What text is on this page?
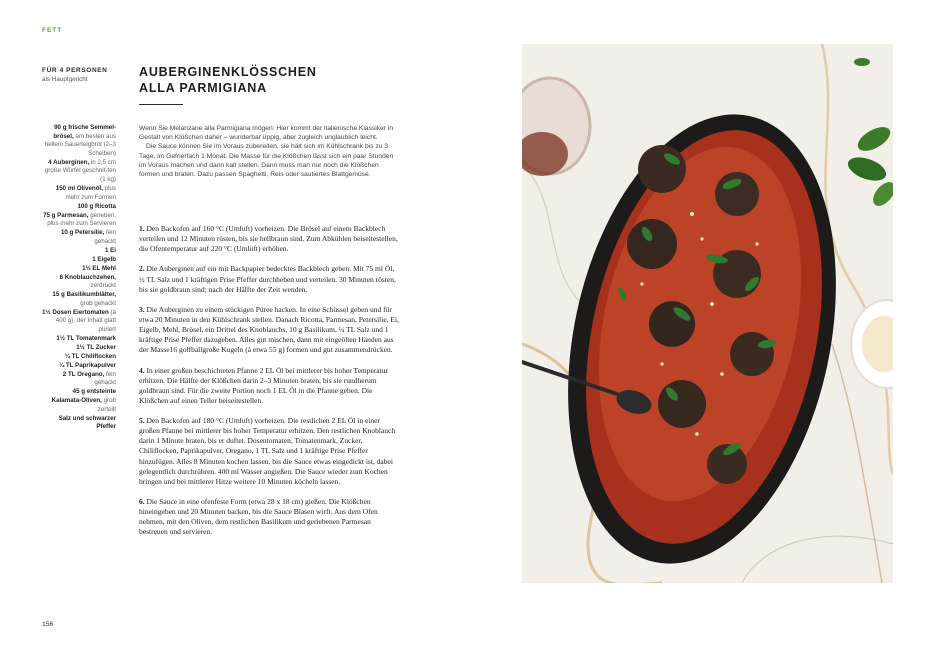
FETT
FÜR 4 PERSONEN
als Hauptgericht
AUBERGINENKLÖSSCHEN
ALLA PARMIGIANA
90 g frische Semmel-brösel, am besten aus hellem Sauerteigbrot (2–3 Scheiben)
4 Auberginen, in 2,5 cm große Würfel geschnit-ten (1 kg)
150 ml Olivenöl, plus mehr zum Formen
100 g Ricotta
75 g Parmesan, gerieben, plus mehr zum Servieren
10 g Petersilie, fein gehackt
1 Ei
1 Eigelb
1½ EL Mehl
6 Knoblauchzehen, zerdrückt
15 g Basilikumblätter, grob gehackt
1½ Dosen Eiertomaten (à 400 g), der Inhalt glatt püriert
1½ TL Tomatenmark
1½ TL Zucker
¼ TL Chiliflocken
¼ TL Paprikapulver
2 TL Oregano, fein gehackt
45 g entsteinte Kalamata-Oliven, grob zerteilt
Salz und schwarzer Pfeffer

Wenn Sie Melanzane alla Parmigiana mögen: Hier kommt der italienische Klassiker in Gestalt von Klößchen daher – wunderbar üppig, aber zugleich unglaublich leicht.

Die Sauce können Sie im Voraus zubereiten, sie hält sich im Kühlschrank bis zu 3 Tage, im Gefrierfach 1 Monat. Die Masse für die Klößchen lässt sich ein paar Stunden im Voraus machen und dann kalt stellen. Dann muss man nur noch die Klößchen formen und braten. Dazu passen Spaghetti, Reis oder sautiertes Blattgemüse.

1. Den Backofen auf 160 °C (Umluft) vorheizen. Die Brösel auf einem Backblech verteilen und 12 Minuten rösten, bis sie hellbraun sind. Zum Abkühlen beiseitestellen, die Ofentemperatur auf 220 °C (Umluft) erhöhen.

2. Die Auberginen auf ein mit Backpapier bedecktes Backblech geben. Mit 75 ml Öl, ½ TL Salz und 1 kräftigen Prise Pfeffer durchheben und verteilen. 30 Minuten rösten, bis sie goldbraun sind; nach der Hälfte der Zeit wenden.

3. Die Auberginen zu einem stückigen Püree hacken. In eine Schüssel geben und für etwa 20 Minuten in den Kühlschrank stellen. Danach Ricotta, Parmesan, Petersilie, Ei, Eigelb, Mehl, Brösel, ein Drittel des Knoblauchs, 10 g Basilikum, ¼ TL Salz und 1 kräftige Prise Pfeffer dazugeben. Alles gut mischen, dann mit eingeölten Händen aus der Masse16 golfballgroße Kugeln (à etwa 55 g) formen und gut zusammendrücken.

4. In einer großen beschichteten Pfanne 2 EL Öl bei mittlerer bis hoher Temperatur erhitzen. Die Hälfte der Klößchen darin 2–3 Minuten braten, bis sie rundherum goldbraun sind. Für die zweite Portion noch 1 EL Öl in die Pfanne geben. Die Klößchen auf einen Teller beiseitestellen.

5. Den Backofen auf 180 °C (Umluft) vorheizen. Die restlichen 2 EL Öl in einer großen Pfanne bei mittlerer bis hoher Temperatur erhitzen. Den restlichen Knoblauch darin 1 Minute braten, bis er duftet. Dosentomaten, Tomatenmark, Zucker, Chiliflocken, Paprikapulver, Oregano, 1 TL Salz und 1 kräftige Prise Pfeffer hinzufügen. Alles 8 Minuten kochen lassen, bis die Sauce etwas eingedickt ist, dabei gelegentlich durchrühren. 400 ml Wasser angießen. Die Sauce wieder zum Kochen bringen und bei mittlerer Hitze weitere 10 Minuten köcheln lassen.

6. Die Sauce in eine ofenfeste Form (etwa 28 x 18 cm) gießen. Die Klößchen hineingeben und 20 Minuten backen, bis die Sauce Blasen wirft. Aus dem Ofen nehmen, mit den Oliven, dem restlichen Basilikum und geriebenen Parmesan bestreuen und servieren.

156
